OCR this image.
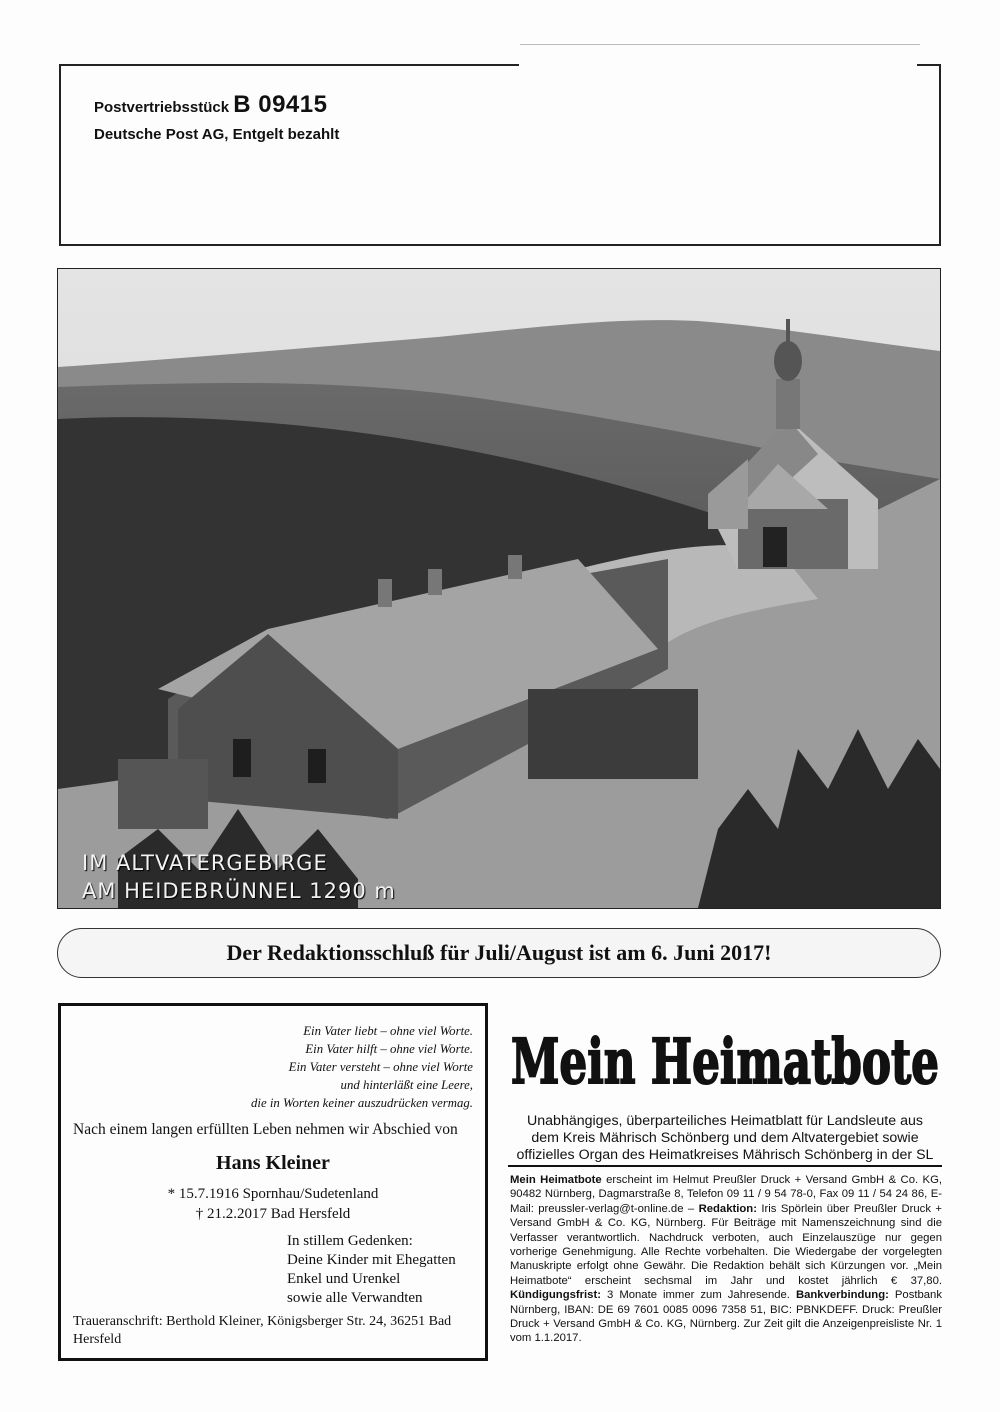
Postvertriebsstück B 09415
Deutsche Post AG, Entgelt bezahlt
IM ALTVATERGEBIRGE
AM HEIDEBRÜNNEL 1290 m
Der Redaktionsschluß für Juli/August ist am 6. Juni 2017!
Ein Vater liebt – ohne viel Worte.
Ein Vater hilft – ohne viel Worte.
Ein Vater versteht – ohne viel Worte
und hinterläßt eine Leere,
die in Worten keiner auszudrücken vermag.
Nach einem langen erfüllten Leben nehmen wir Abschied von
Hans Kleiner
* 15.7.1916 Spornhau/Sudetenland
† 21.2.2017 Bad Hersfeld
In stillem Gedenken:
Deine Kinder mit Ehegatten
Enkel und Urenkel
sowie alle Verwandten
Traueranschrift: Berthold Kleiner, Königsberger Str. 24, 36251 Bad Hersfeld
Mein Heimatbote
Unabhängiges, überparteiliches Heimatblatt für Landsleute aus
dem Kreis Mährisch Schönberg und dem Altvatergebiet sowie
offizielles Organ des Heimatkreises Mährisch Schönberg in der SL
Mein Heimatbote erscheint im Helmut Preußler Druck + Versand GmbH & Co. KG, 90482 Nürnberg, Dagmarstraße 8, Telefon 09 11 / 9 54 78-0, Fax 09 11 / 54 24 86, E-Mail: preussler-verlag@t-online.de – Redaktion: Iris Spörlein über Preußler Druck + Versand GmbH & Co. KG, Nürnberg. Für Beiträge mit Namenszeichnung sind die Verfasser verantwortlich. Nachdruck verboten, auch Einzelauszüge nur gegen vorherige Genehmigung. Alle Rechte vorbehalten. Die Wiedergabe der vorgelegten Manuskripte erfolgt ohne Gewähr. Die Redaktion behält sich Kürzungen vor. „Mein Heimatbote“ erscheint sechsmal im Jahr und kostet jährlich € 37,80. Kündigungsfrist: 3 Monate immer zum Jahresende. Bankverbindung: Postbank Nürnberg, IBAN: DE 69 7601 0085 0096 7358 51, BIC: PBNKDEFF. Druck: Preußler Druck + Versand GmbH & Co. KG, Nürnberg. Zur Zeit gilt die Anzeigenpreisliste Nr. 1 vom 1.1.2017.
